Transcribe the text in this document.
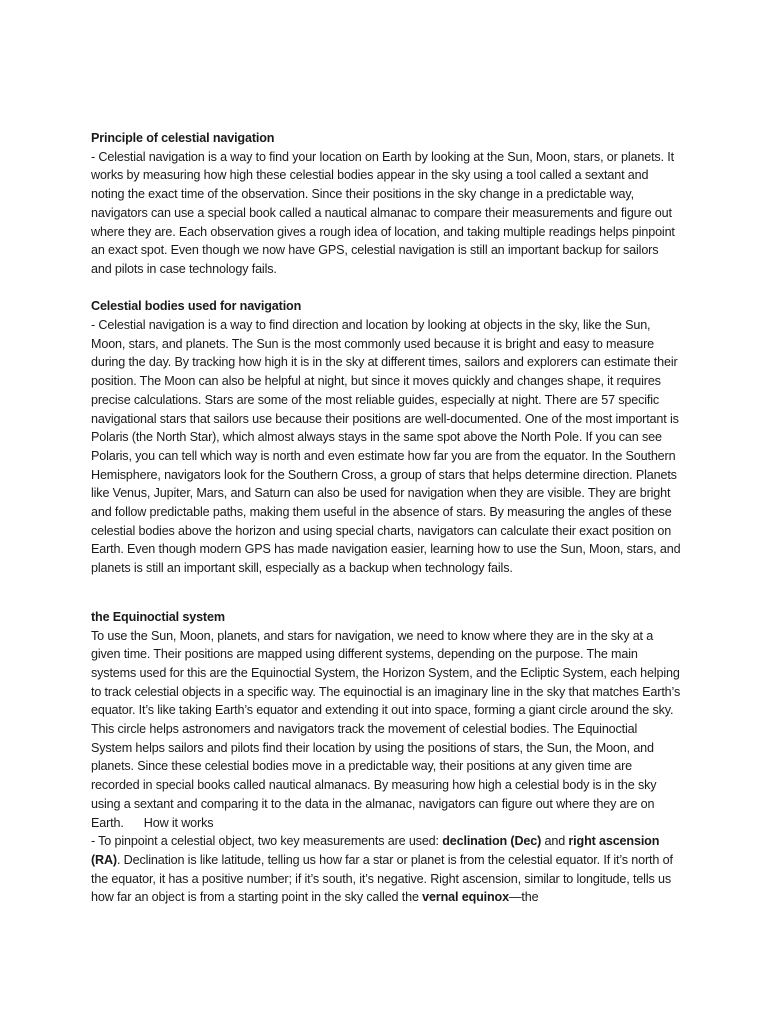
Principle of celestial navigation

- Celestial navigation is a way to find your location on Earth by looking at the Sun, Moon, stars, or planets. It works by measuring how high these celestial bodies appear in the sky using a tool called a sextant and noting the exact time of the observation. Since their positions in the sky change in a predictable way, navigators can use a special book called a nautical almanac to compare their measurements and figure out where they are. Each observation gives a rough idea of location, and taking multiple readings helps pinpoint an exact spot. Even though we now have GPS, celestial navigation is still an important backup for sailors and pilots in case technology fails.

Celestial bodies used for navigation

- Celestial navigation is a way to find direction and location by looking at objects in the sky, like the Sun, Moon, stars, and planets. The Sun is the most commonly used because it is bright and easy to measure during the day. By tracking how high it is in the sky at different times, sailors and explorers can estimate their position. The Moon can also be helpful at night, but since it moves quickly and changes shape, it requires precise calculations. Stars are some of the most reliable guides, especially at night. There are 57 specific navigational stars that sailors use because their positions are well-documented. One of the most important is Polaris (the North Star), which almost always stays in the same spot above the North Pole. If you can see Polaris, you can tell which way is north and even estimate how far you are from the equator. In the Southern Hemisphere, navigators look for the Southern Cross, a group of stars that helps determine direction. Planets like Venus, Jupiter, Mars, and Saturn can also be used for navigation when they are visible. They are bright and follow predictable paths, making them useful in the absence of stars. By measuring the angles of these celestial bodies above the horizon and using special charts, navigators can calculate their exact position on Earth. Even though modern GPS has made navigation easier, learning how to use the Sun, Moon, stars, and planets is still an important skill, especially as a backup when technology fails.

the Equinoctial system

To use the Sun, Moon, planets, and stars for navigation, we need to know where they are in the sky at a given time. Their positions are mapped using different systems, depending on the purpose. The main systems used for this are the Equinoctial System, the Horizon System, and the Ecliptic System, each helping to track celestial objects in a specific way. The equinoctial is an imaginary line in the sky that matches Earth’s equator. It’s like taking Earth’s equator and extending it out into space, forming a giant circle around the sky. This circle helps astronomers and navigators track the movement of celestial bodies. The Equinoctial System helps sailors and pilots find their location by using the positions of stars, the Sun, the Moon, and planets. Since these celestial bodies move in a predictable way, their positions at any given time are recorded in special books called nautical almanacs. By measuring how high a celestial body is in the sky using a sextant and comparing it to the data in the almanac, navigators can figure out where they are on Earth. How it works

- To pinpoint a celestial object, two key measurements are used: declination (Dec) and right ascension (RA). Declination is like latitude, telling us how far a star or planet is from the celestial equator. If it’s north of the equator, it has a positive number; if it’s south, it’s negative. Right ascension, similar to longitude, tells us how far an object is from a starting point in the sky called the vernal equinox—the
